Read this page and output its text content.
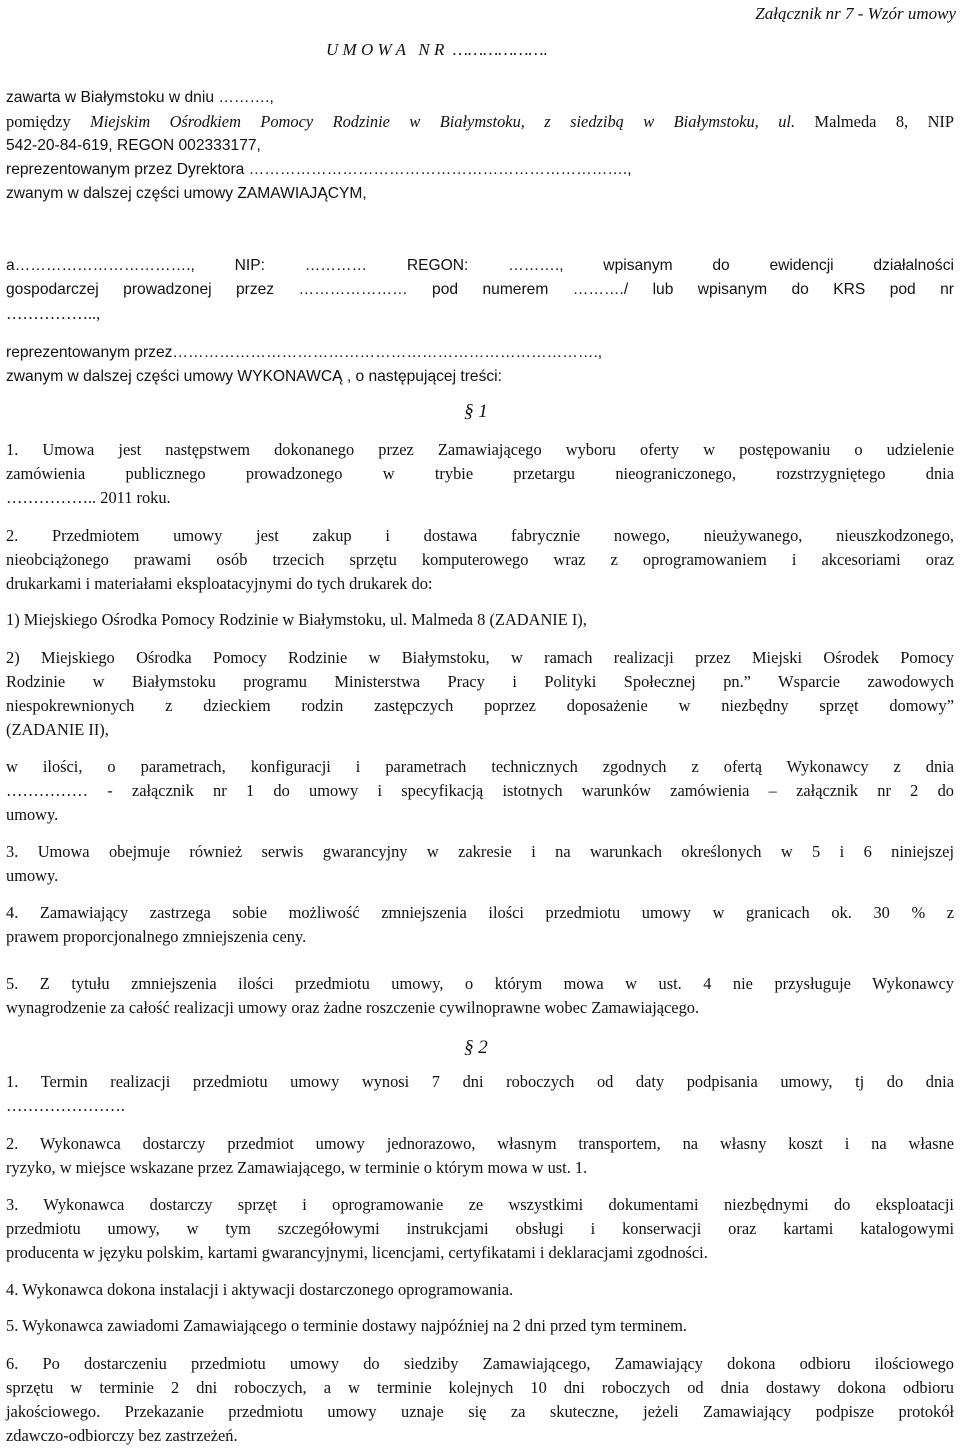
Załącznik nr 7 - Wzór umowy
U M O W A   N R  ……………….
zawarta w Białymstoku w dniu ……….,
pomiędzy Miejskim Ośrodkiem Pomocy Rodzinie w Białymstoku, z siedzibą w Białymstoku, ul. Malmeda 8, NIP
542-20-84-619, REGON 002333177,
reprezentowanym przez Dyrektora ……………………………………………………………….,
zwanym w dalszej części umowy ZAMAWIAJĄCYM,
a……………………………., NIP: ………… REGON: ………., wpisanym do ewidencji działalności
gospodarczej prowadzonej przez ………………… pod numerem ………./ lub wpisanym do KRS pod nr
……………..,
reprezentowanym przez……………………………………………………………………….,
zwanym w dalszej części umowy WYKONAWCĄ , o następującej treści:
§ 1
1. Umowa jest następstwem dokonanego przez Zamawiającego wyboru oferty w postępowaniu o udzielenie
zamówienia publicznego prowadzonego w trybie przetargu nieograniczonego, rozstrzygniętego dnia
…………….. 2011 roku.
2. Przedmiotem umowy jest zakup i dostawa fabrycznie nowego, nieużywanego, nieuszkodzonego,
nieobciążonego prawami osób trzecich sprzętu komputerowego wraz z oprogramowaniem i akcesoriami oraz
drukarkami i materiałami eksploatacyjnymi do tych drukarek do:
1) Miejskiego Ośrodka Pomocy Rodzinie w Białymstoku, ul. Malmeda 8 (ZADANIE I),
2) Miejskiego Ośrodka Pomocy Rodzinie w Białymstoku, w ramach realizacji przez Miejski Ośrodek Pomocy
Rodzinie w Białymstoku programu Ministerstwa Pracy i Polityki Społecznej pn.” Wsparcie zawodowych
niespokrewnionych z dzieckiem rodzin zastępczych poprzez doposażenie w niezbędny sprzęt domowy”
(ZADANIE II),
w ilości, o parametrach, konfiguracji i parametrach technicznych zgodnych z ofertą Wykonawcy z dnia
…………… - załącznik nr 1 do umowy i specyfikacją istotnych warunków zamówienia – załącznik nr 2 do
umowy.
3. Umowa obejmuje również serwis gwarancyjny w zakresie i na warunkach określonych w 5 i 6 niniejszej
umowy.
4. Zamawiający zastrzega sobie możliwość zmniejszenia ilości przedmiotu umowy w granicach ok. 30 % z
prawem proporcjonalnego zmniejszenia ceny.
5. Z tytułu zmniejszenia ilości przedmiotu umowy, o którym mowa w ust. 4 nie przysługuje Wykonawcy
wynagrodzenie za całość realizacji umowy oraz żadne roszczenie cywilnoprawne wobec Zamawiającego.
§ 2
1. Termin realizacji przedmiotu umowy wynosi 7 dni roboczych od daty podpisania umowy, tj do dnia
………………….
2. Wykonawca dostarczy przedmiot umowy jednorazowo, własnym transportem, na własny koszt i na własne
ryzyko, w miejsce wskazane przez Zamawiającego, w terminie o którym mowa w ust. 1.
3. Wykonawca dostarczy sprzęt i oprogramowanie ze wszystkimi dokumentami niezbędnymi do eksploatacji
przedmiotu umowy, w tym szczegółowymi instrukcjami obsługi i konserwacji oraz kartami katalogowymi
producenta w języku polskim, kartami gwarancyjnymi, licencjami, certyfikatami i deklaracjami zgodności.
4. Wykonawca dokona instalacji i aktywacji dostarczonego oprogramowania.
5. Wykonawca zawiadomi Zamawiającego o terminie dostawy najpóźniej na 2 dni przed tym terminem.
6. Po dostarczeniu przedmiotu umowy do siedziby Zamawiającego, Zamawiający dokona odbioru ilościowego
sprzętu w terminie 2 dni roboczych, a w terminie kolejnych 10 dni roboczych od dnia dostawy dokona odbioru
jakościowego. Przekazanie przedmiotu umowy uznaje się za skuteczne, jeżeli Zamawiający podpisze protokół
zdawczo-odbiorczy bez zastrzeżeń.
